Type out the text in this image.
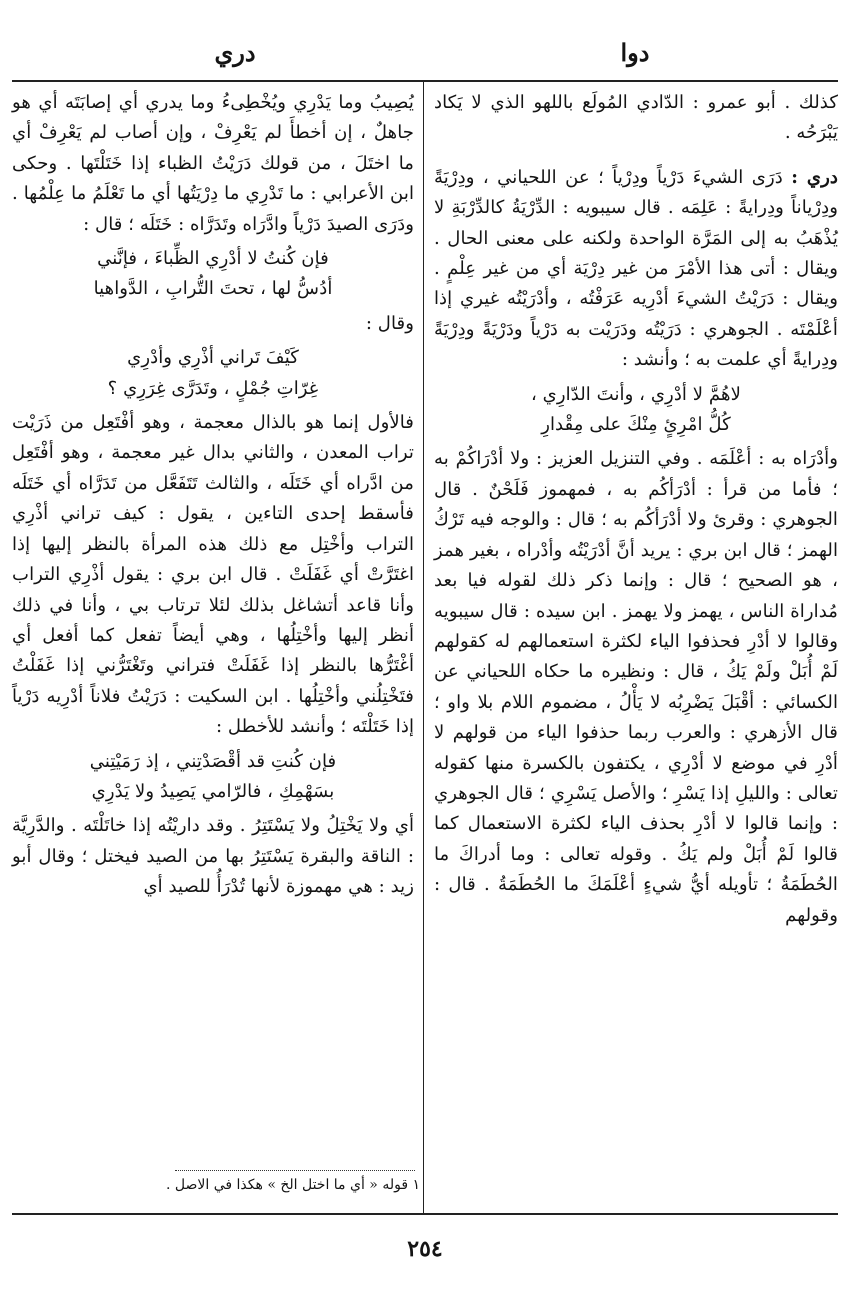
دوا
دري

كذلك . أبو عمرو : الدّادي المُولَع باللهو الذي لا يَكاد يَبْرَحُه .

دري : دَرَى الشيءَ دَرْياً ودِرْياً ؛ عن اللحياني ، ودِرْيَةً ودِرْياناً ودِرايةً : عَلِمَه . قال سيبويه : الدِّرْيَةُ كالدِّرْبَةِ لا يُذْهَبُ به إلى المَرَّة الواحدة ولكنه على معنى الحال . ويقال : أتى هذا الأمْرَ من غير دِرْيَة أي من غير عِلْمٍ . ويقال : دَرَيْتُ الشيءَ أدْرِيه عَرَفْتُه ، وأدْرَيْتُه غيري إذا أعْلَمْتَه . الجوهري : دَرَيْتُه ودَرَيْت به دَرْياً ودَرْيَةً ودِرْيَةً ودِرايةً أي علمت به ؛ وأنشد :

لاهُمَّ لا أدْرِي ، وأنتَ الدّارِي ،
كُلُّ امْرِئٍ مِنْكَ على مِقْدارِ

وأدْرَاه به : أعْلَمَه . وفي التنزيل العزيز : ولا أدْرَاكُمْ به ؛ فأما من قرأ : أدْرَأكُم به ، فمهموز فَلَحْنٌ . قال الجوهري : وقرئ ولا أدْرَأكُم به ؛ قال : والوجه فيه تَرْكُ الهمز ؛ قال ابن بري : يريد أنَّ أدْرَيْتُه وأدْراه ، بغير همز ، هو الصحيح ؛ قال : وإنما ذكر ذلك لقوله فيا بعد مُداراة الناس ، يهمز ولا يهمز . ابن سيده : قال سيبويه وقالوا لا أدْرِ فحذفوا الياء لكثرة استعمالهم له كقولهم لَمْ أُبَلْ ولَمْ يَكُ ، قال : ونظيره ما حكاه اللحياني عن الكسائي : أقْبَلَ يَضْرِبُه لا يَأْلُ ، مضموم اللام بلا واو ؛ قال الأزهري : والعرب ربما حذفوا الياء من قولهم لا أدْرِ في موضع لا أدْرِي ، يكتفون بالكسرة منها كقوله تعالى : والليلِ إذا يَسْرِ ؛ والأصل يَسْرِي ؛ قال الجوهري : وإنما قالوا لا أدْرِ بحذف الياء لكثرة الاستعمال كما قالوا لَمْ أُبَلْ ولم يَكُ . وقوله تعالى : وما أدراكَ ما الحُطَمَةُ ؛ تأويله أيُّ شيءٍ أعْلَمَكَ ما الحُطَمَةُ . قال : وقولهم

يُصِيبُ وما يَدْرِي ويُخْطِىءُ وما يدري أي إصابَتَه أي هو جاهلٌ ، إن أخطأَ لم يَعْرِفْ ، وإن أصاب لم يَعْرِفْ أي ما اختَلَ ، من قولك دَرَيْتُ الظباء إذا خَتَلْتَها . وحكى ابن الأعرابي : ما تَدْرِي ما دِرْيَتُها أي ما تَعْلَمُ ما عِلْمُها . ودَرَى الصيدَ دَرْياً وادَّرَاه وتَدَرَّاه : خَتَلَه ؛ قال :

فإن كُنتُ لا أدْرِي الظِّباءَ ، فإنَّني
أدُسُّ لها ، تحتَ التُّرابِ ، الدَّواهيا

وقال :

كَيْفَ تَراني أذْرِي وأدْرِي
غِرّاتِ جُمْلٍ ، وتَدَرَّى غِرَرِي ؟

فالأول إنما هو بالذال معجمة ، وهو أفْتَعِل من ذَرَيْت تراب المعدن ، والثاني بدال غير معجمة ، وهو أفْتَعِل من ادَّراه أي خَتَلَه ، والثالث تَتَفَعَّل من تَدَرَّاه أي خَتَلَه فأسقط إحدى التاءين ، يقول : كيف تراني أذْرِي التراب وأخْتِل مع ذلك هذه المرأة بالنظر إليها إذا اغتَرَّتْ أي غَفَلَتْ . قال ابن بري : يقول أذْرِي التراب وأنا قاعد أتشاغل بذلك لئلا ترتاب بي ، وأنا في ذلك أنظر إليها وأخْتِلُها ، وهي أيضاً تفعل كما أفعل أي أغْتَرُّها بالنظر إذا غَفَلَتْ فتراني وتَغْتَرُّني إذا غَفَلْتُ فتَخْتِلُني وأخْتِلُها . ابن السكيت : دَرَيْتُ فلاناً أدْرِيه دَرْياً إذا خَتَلْتَه ؛ وأنشد للأخطل :

فإن كُنتِ قد أقْصَدْتِني ، إذ رَمَيْتِني
بسَهْمِكِ ، فالرّامي يَصِيدُ ولا يَدْرِي

أي ولا يَخْتِلُ ولا يَسْتَتِرُ . وقد داريْتُه إذا خاتَلْتَه . والدَّرِيَّة : الناقة والبقرة يَسْتَتِرُ بها من الصيد فيختل ؛ وقال أبو زيد : هي مهموزة لأنها تُدْرَأُ للصيد أي

١ قوله « أي ما اختل الخ » هكذا في الاصل .
٢٥٤
